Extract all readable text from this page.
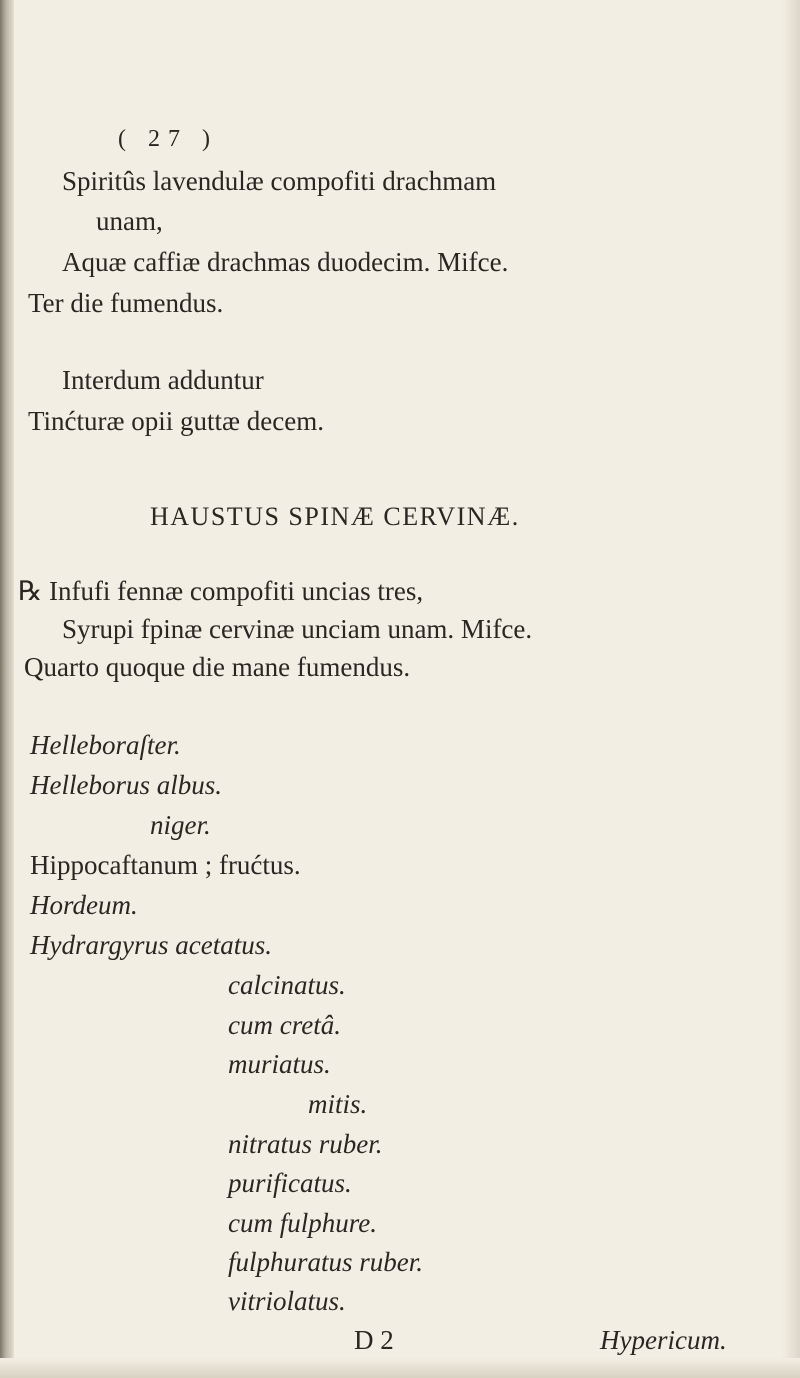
( 27 )
Spiritûs lavendulæ compofiti drachmam
unam,
Aquæ caffiæ drachmas duodecim. Mifce.
Ter die fumendus.
Interdum adduntur
Tinćturæ opii guttæ decem.
HAUSTUS SPINÆ CERVINÆ.
℞ Infufi fennæ compofiti uncias tres,
Syrupi fpinæ cervinæ unciam unam. Mifce.
Quarto quoque die mane fumendus.
Helleboraſter.
Helleborus albus.
niger.
Hippocaftanum ; frućtus.
Hordeum.
Hydrargyrus acetatus.
calcinatus.
cum cretâ.
muriatus.
mitis.
nitratus ruber.
purificatus.
cum fulphure.
fulphuratus ruber.
vitriolatus.
D 2	Hypericum.
